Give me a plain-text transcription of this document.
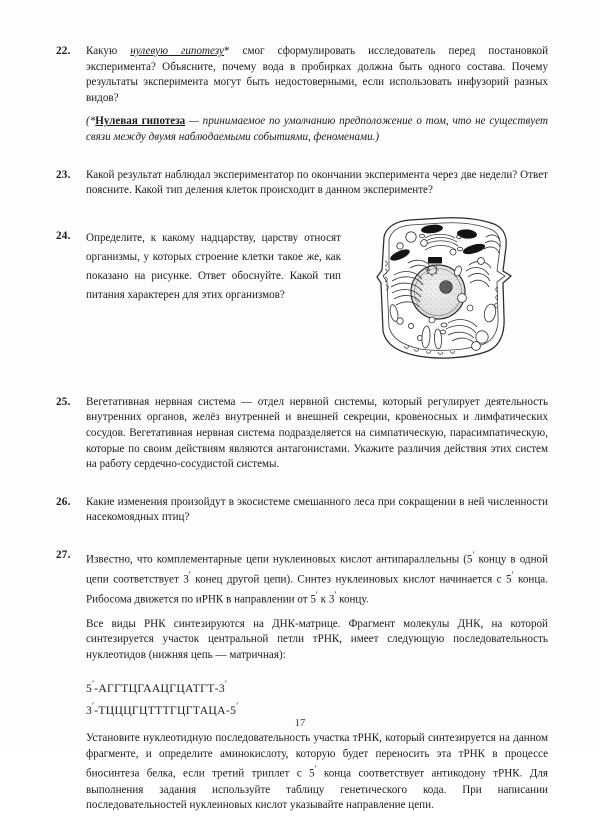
22.	Какую нулевую гипотезу* смог сформулировать исследователь перед постановкой эксперимента? Объясните, почему вода в пробирках должна быть одного состава. Почему результаты эксперимента могут быть недостоверными, если использовать инфузорий разных видов?

(*Нулевая гипотеза — принимаемое по умолчанию предположение о том, что не существует связи между двумя наблюдаемыми событиями, феноменами.)

23.	Какой результат наблюдал экспериментатор по окончании эксперимента через две недели? Ответ поясните. Какой тип деления клеток происходит в данном эксперименте?

24.	Определите, к какому надцарству, царству относят организмы, у которых строение клетки такое же, как показано на рисунке. Ответ обоснуйте. Какой тип питания характерен для этих организмов?
25.	Вегетативная нервная система — отдел нервной системы, который регулирует деятельность внутренних органов, желёз внутренней и внешней секреции, кровеносных и лимфатических сосудов. Вегетативная нервная система подразделяется на симпатическую, парасимпатическую, которые по своим действиям являются антагонистами. Укажите различия действия этих систем на работу сердечно-сосудистой системы.

26.	Какие изменения произойдут в экосистеме смешанного леса при сокращении в ней численности насекомоядных птиц?

27.	Известно, что комплементарные цепи нуклеиновых кислот антипараллельны (5′ концу в одной цепи соответствует 3′ конец другой цепи). Синтез нуклеиновых кислот начинается с 5′ конца. Рибосома движется по иРНК в направлении от 5′ к 3′ концу.

Все виды РНК синтезируются на ДНК-матрице. Фрагмент молекулы ДНК, на которой синтезируется участок центральной петли тРНК, имеет следующую последовательность нуклеотидов (нижняя цепь — матричная):

5′-АГГТЦГААЦГЦАТГТ-3′
3′-ТЦЦЦГЦТТТГЦГТАЦА-5′

Установите нуклеотидную последовательность участка тРНК, который синтезируется на данном фрагменте, и определите аминокислоту, которую будет переносить эта тРНК в процессе биосинтеза белка, если третий триплет с 5′ конца соответствует антикодону тРНК. Для выполнения задания используйте таблицу генетического кода. При написании последовательностей нуклеиновых кислот указывайте направление цепи.

17
